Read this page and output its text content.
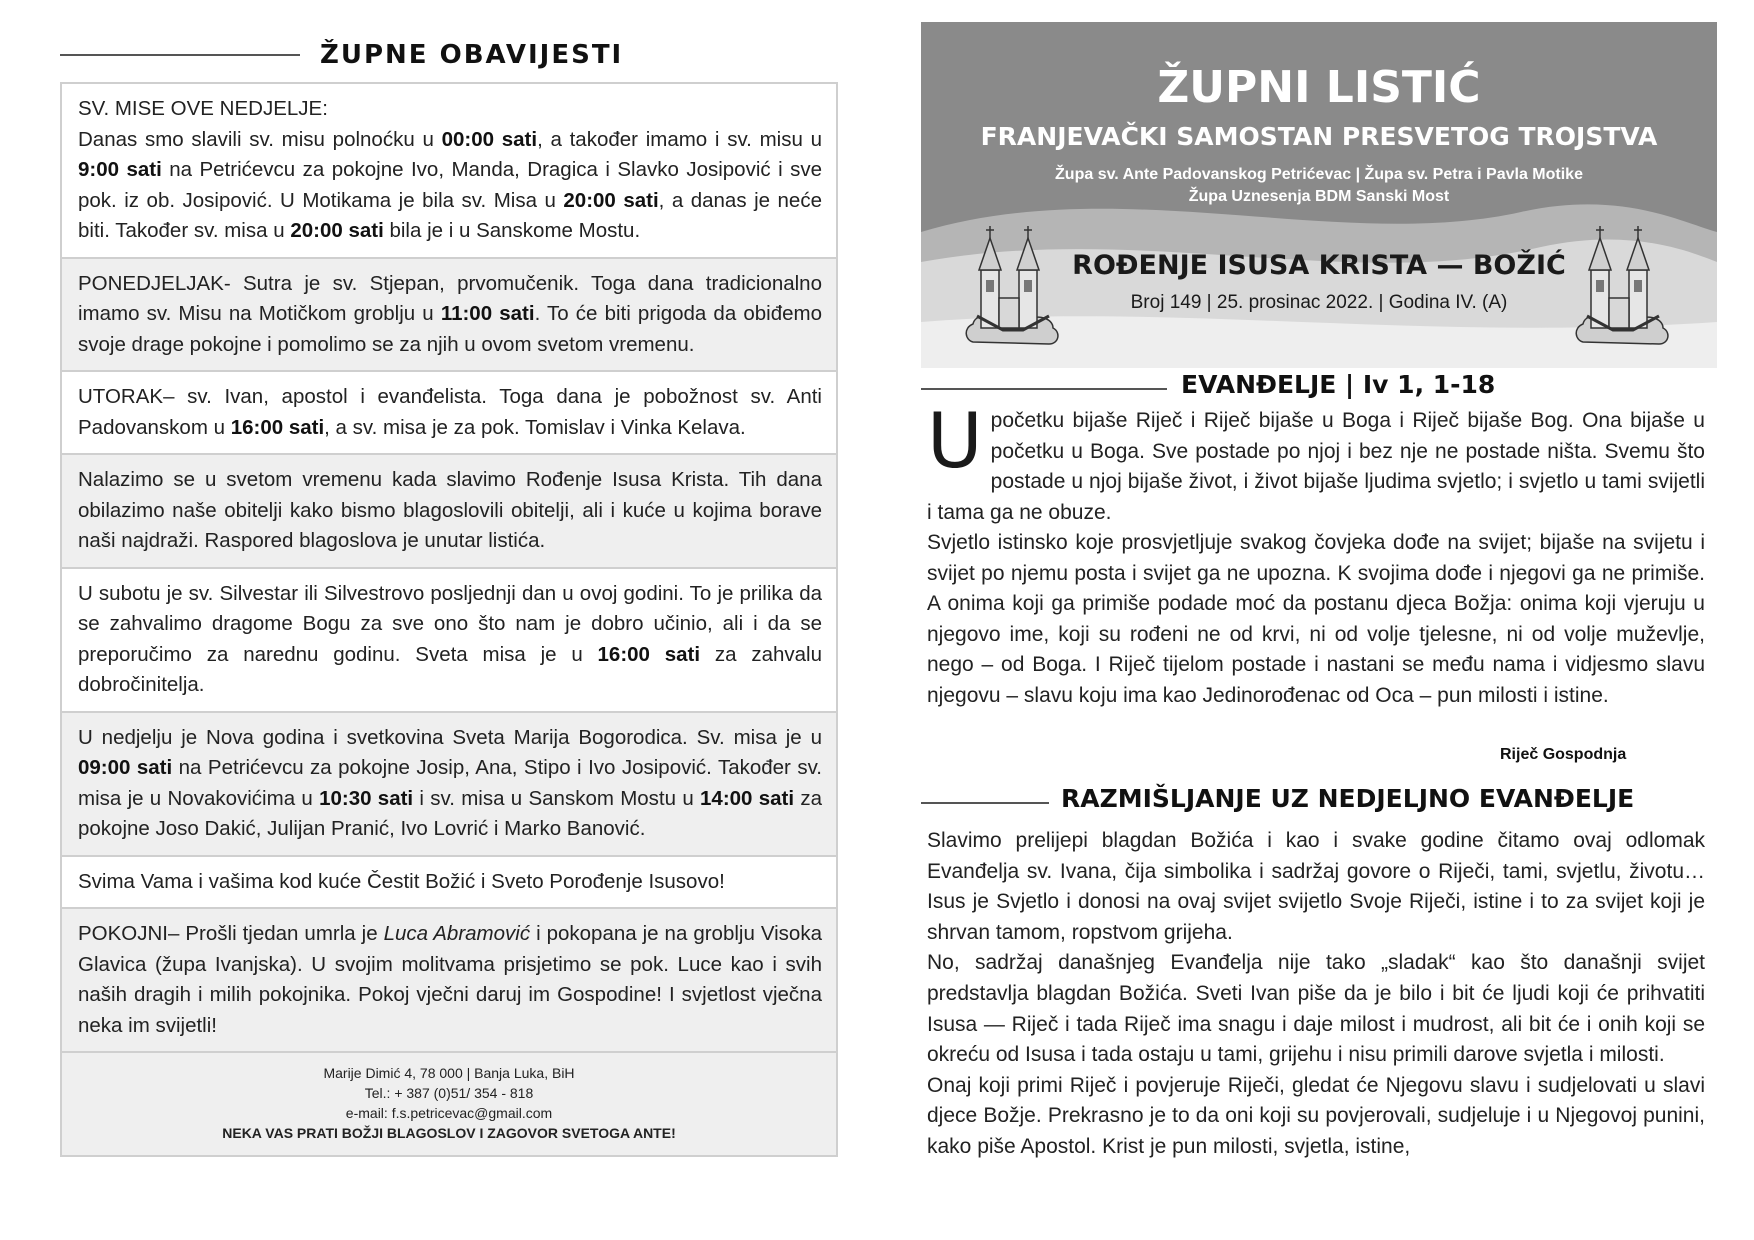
ŽUPNE OBAVIJESTI
SV. MISE OVE NEDJELJE:
Danas smo slavili sv. misu polnoćku u 00:00 sati, a također imamo i sv. misu u 9:00 sati na Petrićevcu za pokojne Ivo, Manda, Dragica i Slavko Josipović i sve pok. iz ob. Josipović. U Motikama je bila sv. Misa u 20:00 sati, a danas je neće biti. Također sv. misa u 20:00 sati bila je i u Sanskome Mostu.
PONEDJELJAK- Sutra je sv. Stjepan, prvomučenik. Toga dana tradicionalno imamo sv. Misu na Motičkom groblju u 11:00 sati. To će biti prigoda da obiđemo svoje drage pokojne i pomolimo se za njih u ovom svetom vremenu.
UTORAK– sv. Ivan, apostol i evanđelista. Toga dana je pobožnost sv. Anti Padovanskom u 16:00 sati, a sv. misa je za pok. Tomislav i Vinka Kelava.
Nalazimo se u svetom vremenu kada slavimo Rođenje Isusa Krista. Tih dana obilazimo naše obitelji kako bismo blagoslovili obitelji, ali i kuće u kojima borave naši najdraži. Raspored blagoslova je unutar listića.
U subotu je sv. Silvestar ili Silvestrovo posljednji dan u ovoj godini. To je prilika da se zahvalimo dragome Bogu za sve ono što nam je dobro učinio, ali i da se preporučimo za narednu godinu. Sveta misa je u 16:00 sati za zahvalu dobročinitelja.
U nedjelju je Nova godina i svetkovina Sveta Marija Bogorodica. Sv. misa je u 09:00 sati na Petrićevcu za pokojne Josip, Ana, Stipo i Ivo Josipović. Također sv. misa je u Novakovićima u 10:30 sati i sv. misa u Sanskom Mostu u 14:00 sati za pokojne Joso Dakić, Julijan Pranić, Ivo Lovrić i Marko Banović.
Svima Vama i vašima kod kuće Čestit Božić i Sveto Porođenje Isusovo!
POKOJNI– Prošli tjedan umrla je Luca Abramović i pokopana je na groblju Visoka Glavica (župa Ivanjska). U svojim molitvama prisjetimo se pok. Luce kao i svih naših dragih i milih pokojnika. Pokoj vječni daruj im Gospodine! I svjetlost vječna neka im svijetli!
Marije Dimić 4, 78 000 | Banja Luka, BiH
Tel.: + 387 (0)51/ 354 - 818
e-mail: f.s.petricevac@gmail.com
NEKA VAS PRATI BOŽJI BLAGOSLOV I ZAGOVOR SVETOGA ANTE!
ŽUPNI LISTIĆ
FRANJEVAČKI SAMOSTAN PRESVETOG TROJSTVA
Župa sv. Ante Padovanskog Petrićevac | Župa sv. Petra i Pavla Motike
Župa Uznesenja BDM Sanski Most
ROĐENJE ISUSA KRISTA — BOŽIĆ
Broj 149 | 25. prosinac 2022. | Godina IV. (A)
EVANĐELJE | Iv 1, 1-18
U početku bijaše Riječ i Riječ bijaše u Boga i Riječ bijaše Bog. Ona bijaše u početku u Boga. Sve postade po njoj i bez nje ne postade ništa. Svemu što postade u njoj bijaše život, i život bijaše ljudima svjetlo; i svjetlo u tami svijetli i tama ga ne obuze.

Svjetlo istinsko koje prosvjetljuje svakog čovjeka dođe na svijet; bijaše na svijetu i svijet po njemu posta i svijet ga ne upozna. K svojima dođe i njegovi ga ne primiše. A onima koji ga primiše podade moć da postanu djeca Božja: onima koji vjeruju u njegovo ime, koji su rođeni ne od krvi, ni od volje tjelesne, ni od volje muževlje, nego – od Boga. I Riječ tijelom postade i nastani se među nama i vidjesmo slavu njegovu – slavu koju ima kao Jedinorođenac od Oca – pun milosti i istine.

Riječ Gospodnja
RAZMIŠLJANJE UZ NEDJELJNO EVANĐELJE

Slavimo prelijepi blagdan Božića i kao i svake godine čitamo ovaj odlomak Evanđelja sv. Ivana, čija simbolika i sadržaj govore o Riječi, tami, svjetlu, životu… Isus je Svjetlo i donosi na ovaj svijet svijetlo Svoje Riječi, istine i to za svijet koji je shrvan tamom, ropstvom grijeha.

No, sadržaj današnjeg Evanđelja nije tako „sladak“ kao što današnji svijet predstavlja blagdan Božića. Sveti Ivan piše da je bilo i bit će ljudi koji će prihvatiti Isusa — Riječ i tada Riječ ima snagu i daje milost i mudrost, ali bit će i onih koji se okreću od Isusa i tada ostaju u tami, grijehu i nisu primili darove svjetla i milosti.

Onaj koji primi Riječ i povjeruje Riječi, gledat će Njegovu slavu i sudjelovati u slavi djece Božje. Prekrasno je to da oni koji su povjerovali, sudjeluje i u Njegovoj punini, kako piše Apostol. Krist je pun milosti, svjetla, istine,
